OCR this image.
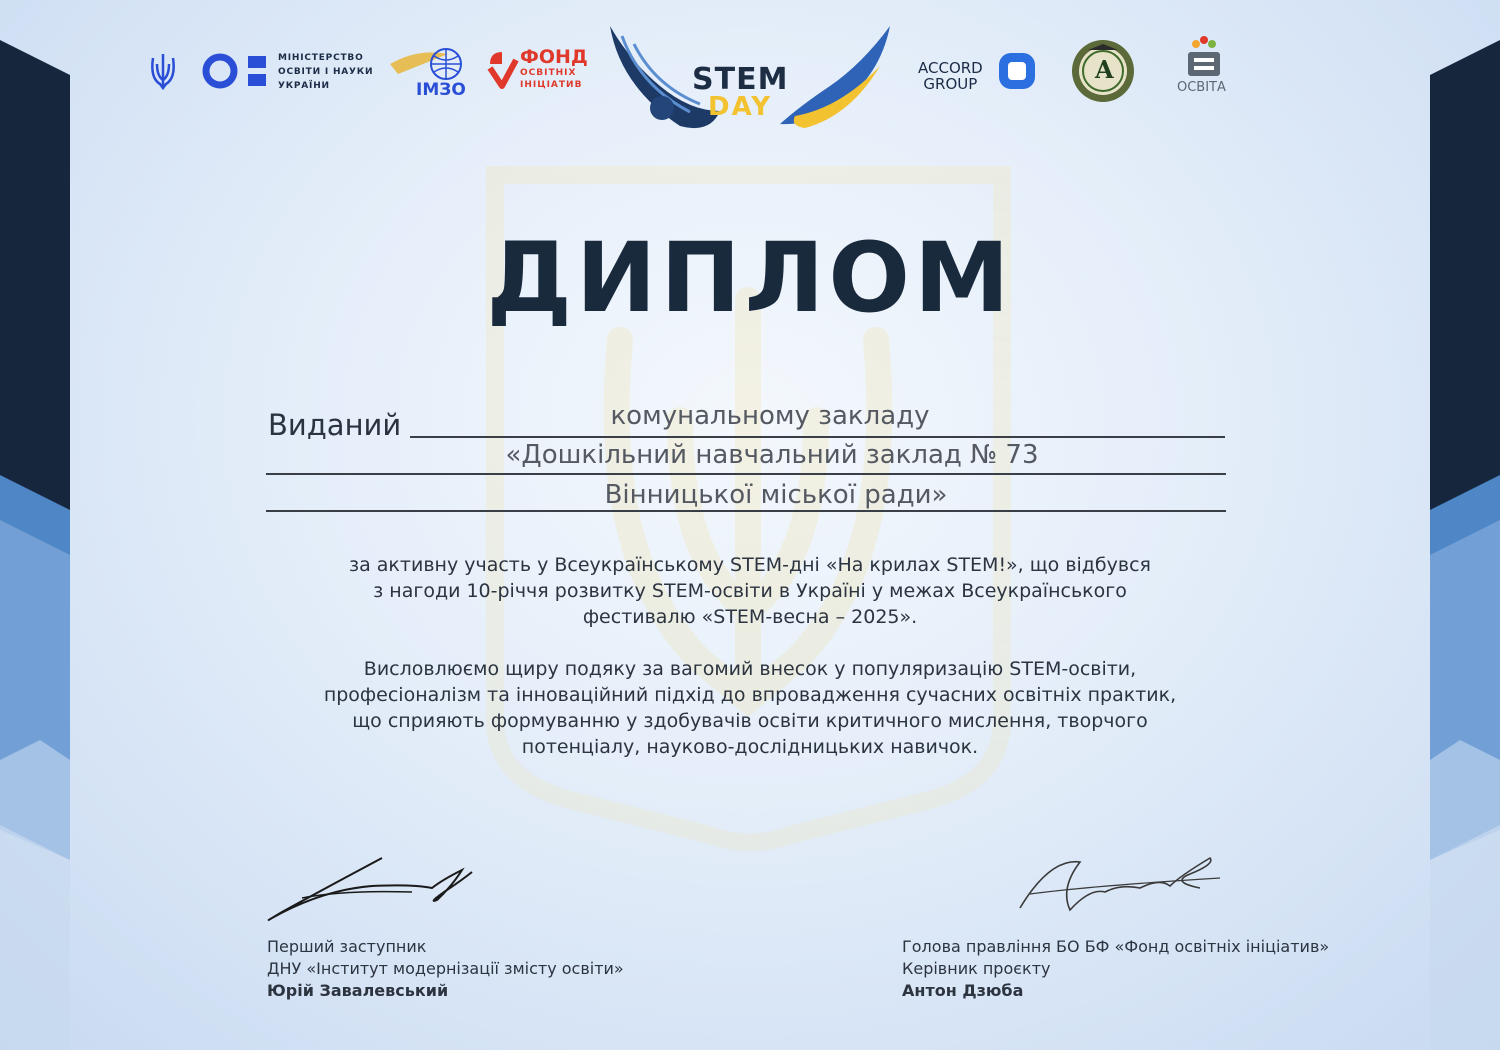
МІНІСТЕРСТВО
ОСВІТИ І НАУКИ
УКРАЇНИ	ІМЗО
ФОНД
ОСВІТНІХ
ІНІЦІАТИВ	STEM
DAY
ACCORD
GROUP	A
ОСВІТА
ДИПЛОМ
Виданий	комунальному закладу
«Дошкільний навчальний заклад № 73
Вінницької міської ради»
за активну участь у Всеукраїнському STEM-дні «На крилах STEM!», що відбувся
з нагоди 10-річчя розвитку STEM-освіти в Україні у межах Всеукраїнського
фестивалю «STEM-весна – 2025».
Висловлюємо щиру подяку за вагомий внесок у популяризацію STEM-освіти,
професіоналізм та інноваційний підхід до впровадження сучасних освітніх практик,
що сприяють формуванню у здобувачів освіти критичного мислення, творчого
потенціалу, науково-дослідницьких навичок.
Перший заступник
ДНУ «Інститут модернізації змісту освіти»
Юрій Завалевський
Голова правління БО БФ «Фонд освітніх ініціатив»
Керівник проєкту
Антон Дзюба
